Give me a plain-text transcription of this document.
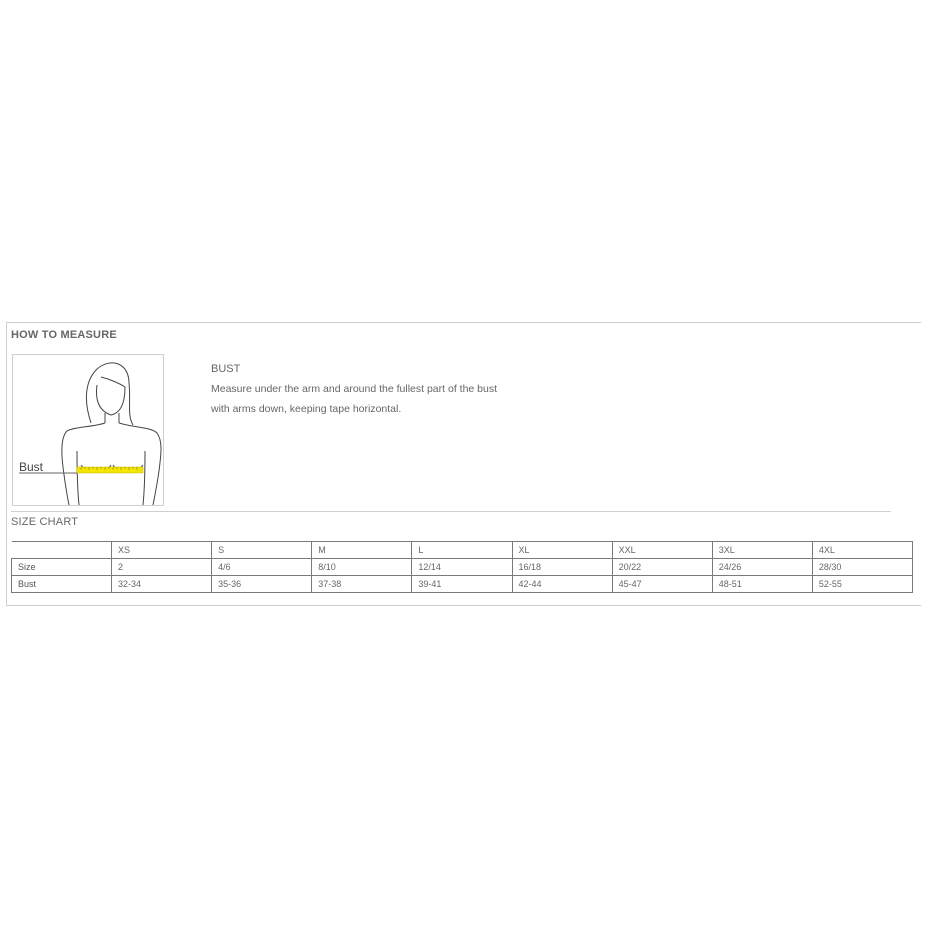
HOW TO MEASURE
Bust
BUST
Measure under the arm and around the fullest part of the bust
with arms down, keeping tape horizontal.
SIZE CHART
	XS	S	M	L	XL	XXL	3XL	4XL
Size	2	4/6	8/10	12/14	16/18	20/22	24/26	28/30
Bust	32-34	35-36	37-38	39-41	42-44	45-47	48-51	52-55
